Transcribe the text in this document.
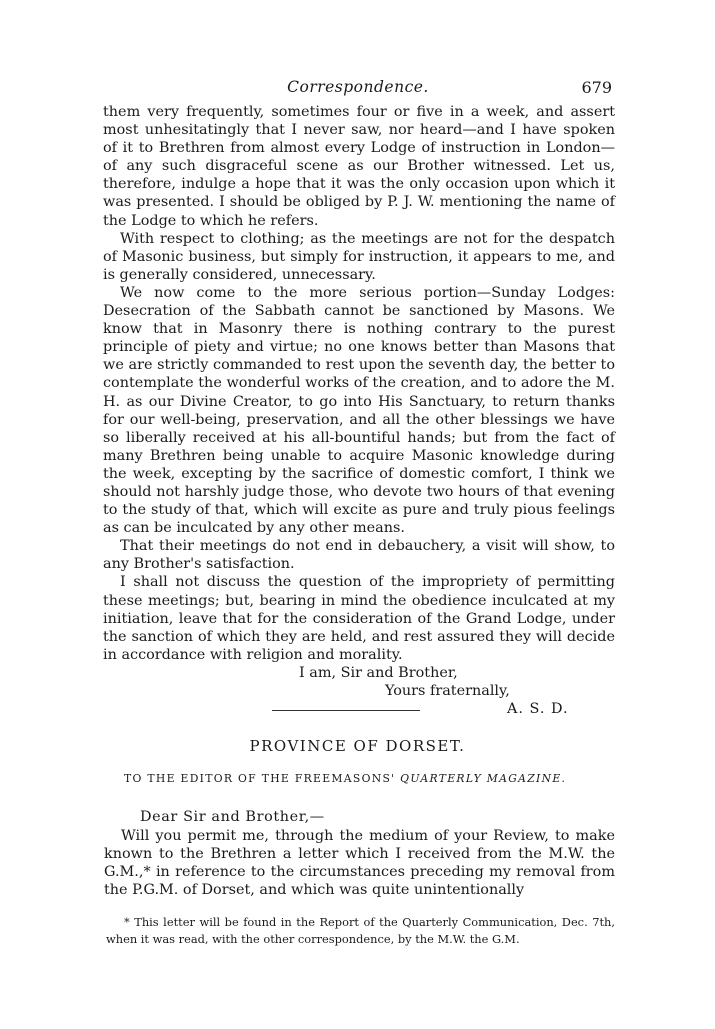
Correspondence.	679

them very frequently, sometimes four or five in a week, and assert most unhesitatingly that I never saw, nor heard—and I have spoken of it to Brethren from almost every Lodge of instruction in London—of any such disgraceful scene as our Brother witnessed. Let us, therefore, indulge a hope that it was the only occasion upon which it was presented. I should be obliged by P. J. W. mentioning the name of the Lodge to which he refers.

With respect to clothing; as the meetings are not for the despatch of Masonic business, but simply for instruction, it appears to me, and is generally considered, unnecessary.

We now come to the more serious portion—Sunday Lodges: Desecration of the Sabbath cannot be sanctioned by Masons. We know that in Masonry there is nothing contrary to the purest principle of piety and virtue; no one knows better than Masons that we are strictly commanded to rest upon the seventh day, the better to contemplate the wonderful works of the creation, and to adore the M. H. as our Divine Creator, to go into His Sanctuary, to return thanks for our well-being, preservation, and all the other blessings we have so liberally received at his all-bountiful hands; but from the fact of many Brethren being unable to acquire Masonic knowledge during the week, excepting by the sacrifice of domestic comfort, I think we should not harshly judge those, who devote two hours of that evening to the study of that, which will excite as pure and truly pious feelings as can be inculcated by any other means.

That their meetings do not end in debauchery, a visit will show, to any Brother's satisfaction.

I shall not discuss the question of the impropriety of permitting these meetings; but, bearing in mind the obedience inculcated at my initiation, leave that for the consideration of the Grand Lodge, under the sanction of which they are held, and rest assured they will decide in accordance with religion and morality.

I am, Sir and Brother,
Yours fraternally,
A. S. D.
PROVINCE OF DORSET.
TO THE EDITOR OF THE FREEMASONS' QUARTERLY MAGAZINE.

Dear Sir and Brother,—

Will you permit me, through the medium of your Review, to make known to the Brethren a letter which I received from the M.W. the G.M.,* in reference to the circumstances preceding my removal from the P.G.M. of Dorset, and which was quite unintentionally

* This letter will be found in the Report of the Quarterly Communication, Dec. 7th, when it was read, with the other correspondence, by the M.W. the G.M.
